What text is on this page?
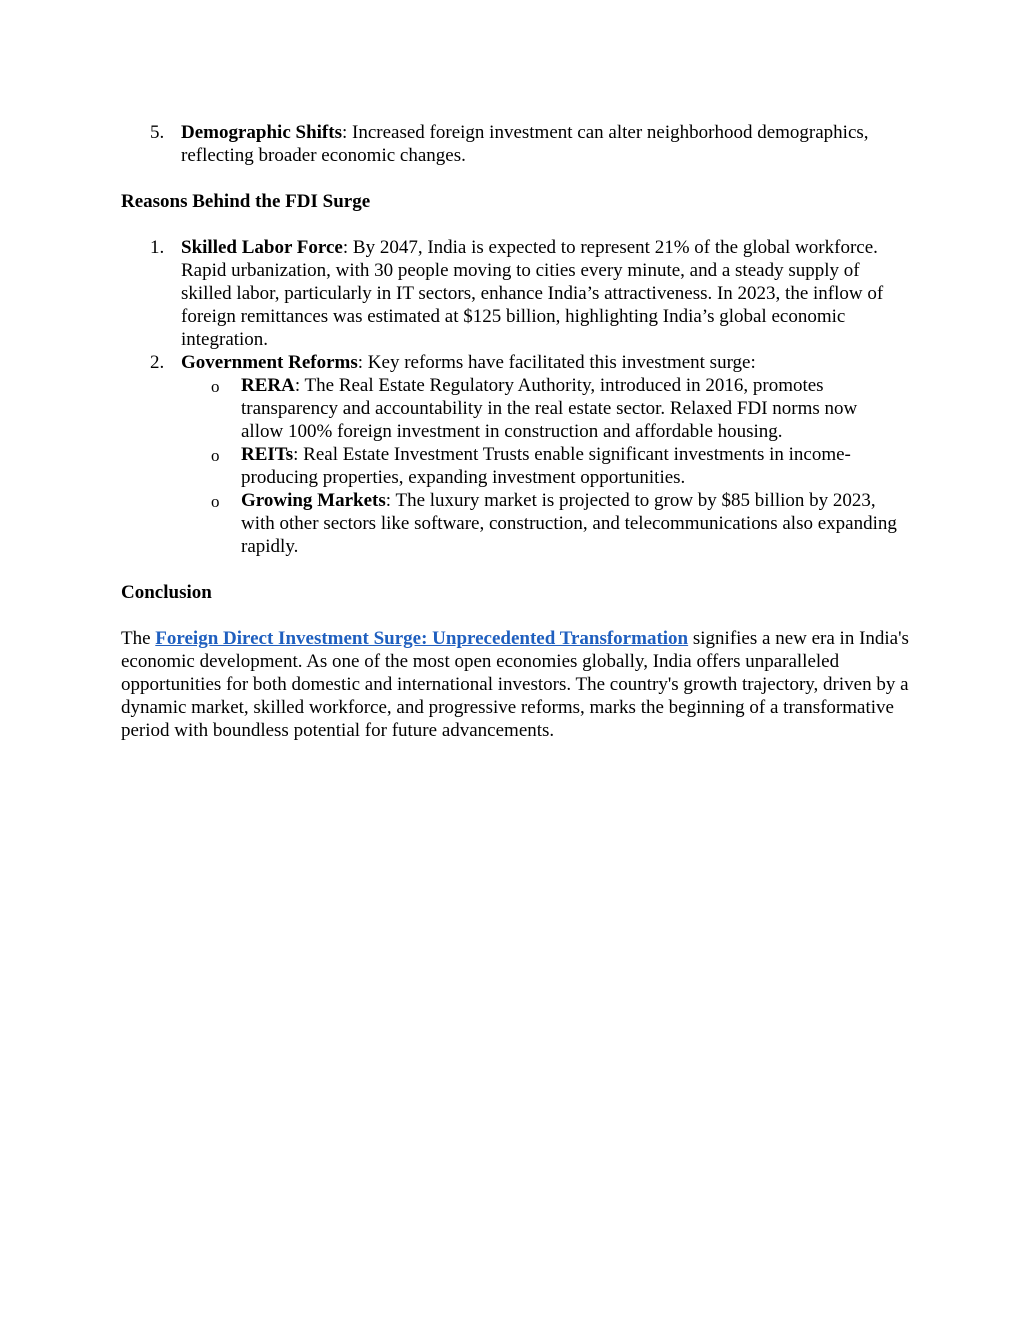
5. Demographic Shifts: Increased foreign investment can alter neighborhood demographics, reflecting broader economic changes.
Reasons Behind the FDI Surge
1. Skilled Labor Force: By 2047, India is expected to represent 21% of the global workforce. Rapid urbanization, with 30 people moving to cities every minute, and a steady supply of skilled labor, particularly in IT sectors, enhance India’s attractiveness. In 2023, the inflow of foreign remittances was estimated at $125 billion, highlighting India’s global economic integration.
2. Government Reforms: Key reforms have facilitated this investment surge:
o RERA: The Real Estate Regulatory Authority, introduced in 2016, promotes transparency and accountability in the real estate sector. Relaxed FDI norms now allow 100% foreign investment in construction and affordable housing.
o REITs: Real Estate Investment Trusts enable significant investments in income-producing properties, expanding investment opportunities.
o Growing Markets: The luxury market is projected to grow by $85 billion by 2023, with other sectors like software, construction, and telecommunications also expanding rapidly.
Conclusion
The Foreign Direct Investment Surge: Unprecedented Transformation signifies a new era in India's economic development. As one of the most open economies globally, India offers unparalleled opportunities for both domestic and international investors. The country's growth trajectory, driven by a dynamic market, skilled workforce, and progressive reforms, marks the beginning of a transformative period with boundless potential for future advancements.
